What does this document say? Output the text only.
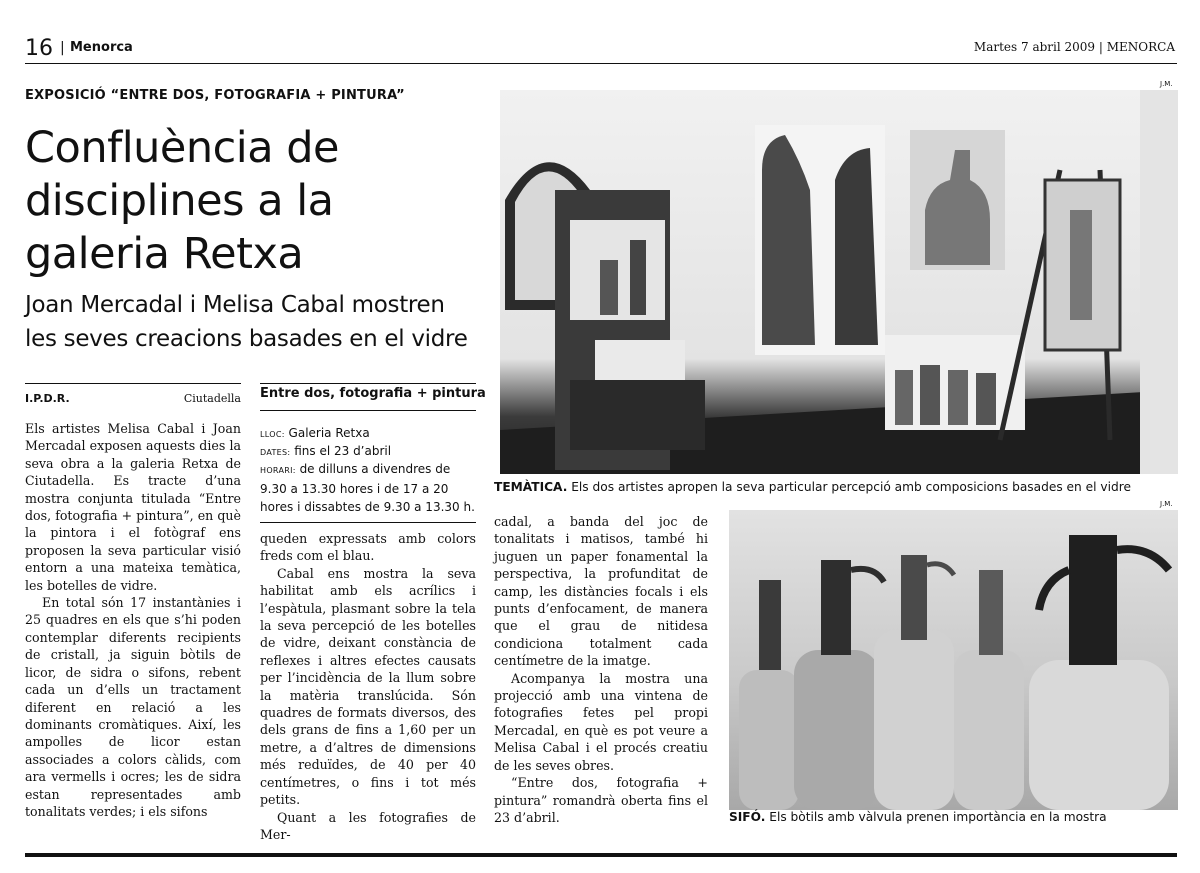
16 | Menorca	Martes 7 abril 2009 | MENORCA
EXPOSICIÓ “ENTRE DOS, FOTOGRAFIA + PINTURA”
Confluència de
disciplines a la
galeria Retxa
Joan Mercadal i Melisa Cabal mostren
les seves creacions basades en el vidre
I.P.D.R.	Ciutadella Entre dos, fotografia + pintura
LLOC: Galeria Retxa
DATES: fins el 23 d’abril
HORARI: de dilluns a divendres de 9.30 a 13.30 hores i de 17 a 20 hores i dissabtes de 9.30 a 13.30 h.

Els artistes Melisa Cabal i Joan Mercadal exposen aquests dies la seva obra a la galeria Retxa de Ciutadella. Es tracte d’una mostra conjunta titulada “Entre dos, fotografia + pintura”, en què la pintora i el fotògraf ens proposen la seva particular visió entorn a una mateixa temàtica, les botelles de vidre.

En total són 17 instantànies i 25 quadres en els que s’hi poden contemplar diferents recipients de cristall, ja siguin bòtils de licor, de sidra o sifons, rebent cada un d’ells un tractament diferent en relació a les dominants cromàtiques. Així, les ampolles de licor estan associades a colors càlids, com ara vermells i ocres; les de sidra estan representades amb tonalitats verdes; i els sifons

queden expressats amb colors freds com el blau.

Cabal ens mostra la seva habilitat amb els acrílics i l’espàtula, plasmant sobre la tela la seva percepció de les botelles de vidre, deixant constància de reflexes i altres efectes causats per l’incidència de la llum sobre la matèria translúcida. Són quadres de formats diversos, des dels grans de fins a 1,60 per un metre, a d’altres de dimensions més reduïdes, de 40 per 40 centímetres, o fins i tot més petits.

Quant a les fotografies de Mer-

cadal, a banda del joc de tonalitats i matisos, també hi juguen un paper fonamental la perspectiva, la profunditat de camp, les distàncies focals i els punts d’enfocament, de manera que el grau de nitidesa condiciona totalment cada centímetre de la imatge.

Acompanya la mostra una projecció amb una vintena de fotografies fetes pel propi Mercadal, en què es pot veure a Melisa Cabal i el procés creatiu de les seves obres.

“Entre dos, fotografia + pintura” romandrà oberta fins el 23 d’abril.

J.M.
TEMÀTICA. Els dos artistes apropen la seva particular percepció amb composicions basades en el vidre
J.M.
SIFÓ. Els bòtils amb vàlvula prenen importància en la mostra
